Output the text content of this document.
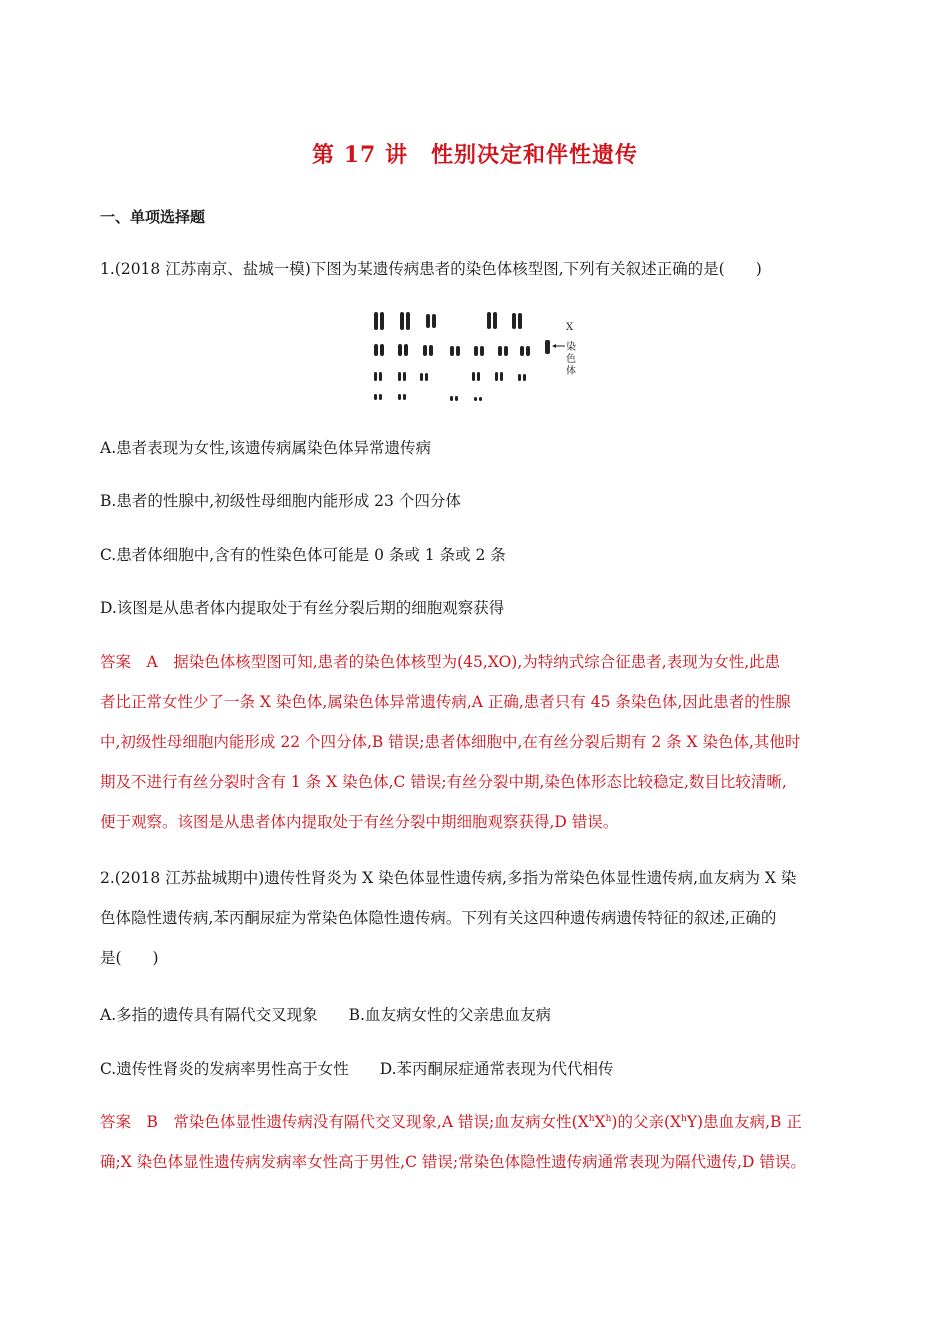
第 17 讲　性别决定和伴性遗传
一、单项选择题

1.(2018 江苏南京、盐城一模)下图为某遗传病患者的染色体核型图,下列有关叙述正确的是(　　)

X
染
色
体

A.患者表现为女性,该遗传病属染色体异常遗传病

B.患者的性腺中,初级性母细胞内能形成 23 个四分体

C.患者体细胞中,含有的性染色体可能是 0 条或 1 条或 2 条

D.该图是从患者体内提取处于有丝分裂后期的细胞观察获得

答案　A　据染色体核型图可知,患者的染色体核型为(45,XO),为特纳式综合征患者,表现为女性,此患

者比正常女性少了一条 X 染色体,属染色体异常遗传病,A 正确,患者只有 45 条染色体,因此患者的性腺

中,初级性母细胞内能形成 22 个四分体,B 错误;患者体细胞中,在有丝分裂后期有 2 条 X 染色体,其他时

期及不进行有丝分裂时含有 1 条 X 染色体,C 错误;有丝分裂中期,染色体形态比较稳定,数目比较清晰,

便于观察。该图是从患者体内提取处于有丝分裂中期细胞观察获得,D 错误。

2.(2018 江苏盐城期中)遗传性肾炎为 X 染色体显性遗传病,多指为常染色体显性遗传病,血友病为 X 染

色体隐性遗传病,苯丙酮尿症为常染色体隐性遗传病。下列有关这四种遗传病遗传特征的叙述,正确的

是(　　)

A.多指的遗传具有隔代交叉现象　　B.血友病女性的父亲患血友病

C.遗传性肾炎的发病率男性高于女性　　D.苯丙酮尿症通常表现为代代相传

答案　B　常染色体显性遗传病没有隔代交叉现象,A 错误;血友病女性$(X^hX^h)$的父亲$(X^hY)$患血友病,B 正

确;X 染色体显性遗传病发病率女性高于男性,C 错误;常染色体隐性遗传病通常表现为隔代遗传,D 错误。
